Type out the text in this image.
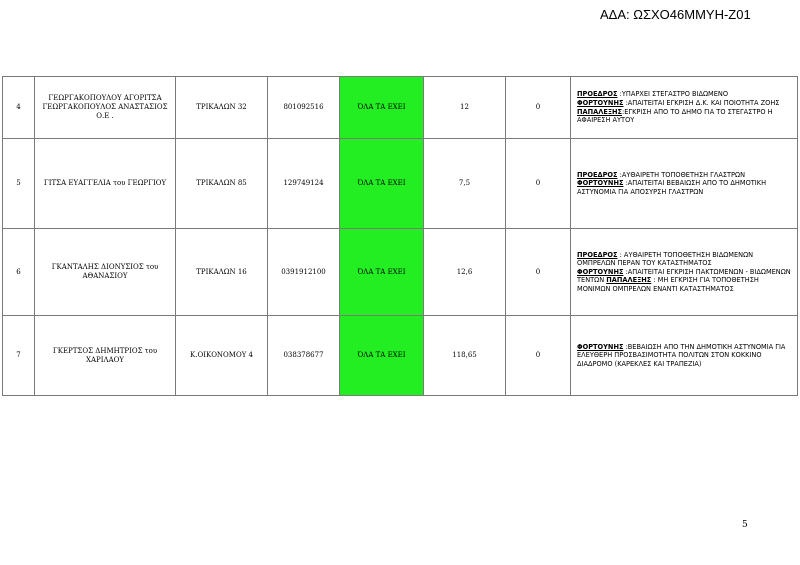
ΑΔΑ: ΩΣΧΟ46ΜΜΥΗ-Ζ01
4	ΓΕΩΡΓΑΚΟΠΟΥΛΟΥ ΑΓΟΡΙΤΣΑ ΓΕΩΡΓΑΚΟΠΟΥΛΟΣ ΑΝΑΣΤΑΣΙΟΣ Ο.Ε .	ΤΡΙΚΑΛΩΝ 32	801092516	ΌΛΑ ΤΑ ΕΧΕΙ	12	0	ΠΡΟΕΔΡΟΣ :ΥΠΑΡΧΕΙ ΣΤΕΓΑΣΤΡΟ ΒΙΔΩΜΕΝΟ
ΦΟΡΤΟΥΝΗΣ :ΑΠΑΙΤΕΙΤΑΙ ΕΓΚΡΙΣΗ Δ.Κ. ΚΑΙ ΠΟΙΟΤΗΤΑ ΖΟΗΣ ΠΑΠΑΛΕΞΗΣ:ΕΓΚΡΙΣΗ ΑΠΟ ΤΟ ΔΗΜΟ ΓΙΑ ΤΟ ΣΤΕΓΑΣΤΡΟ Η ΑΦΑΙΡΕΣΗ ΑΥΤΟΥ

5	ΓΙΤΣΑ ΕΥΑΓΓΕΛΙΑ του ΓΕΩΡΓΙΟΥ	ΤΡΙΚΑΛΩΝ 85	129749124	ΌΛΑ ΤΑ ΕΧΕΙ	7,5	0	ΠΡΟΕΔΡΟΣ :ΑΥΘΑΙΡΕΤΗ ΤΟΠΟΘΕΤΗΣΗ ΓΛΑΣΤΡΩΝ
ΦΟΡΤΟΥΝΗΣ :ΑΠΑΙΤΕΙΤΑΙ ΒΕΒΑΙΩΣΗ ΑΠΟ ΤΟ ΔΗΜΟΤΙΚΗ ΑΣΤΥΝΟΜΙΑ ΓΙΑ ΑΠΟΣΥΡΣΗ ΓΛΑΣΤΡΩΝ

6	ΓΚΑΝΤΑΛΗΣ ΔΙΟΝΥΣΙΟΣ του ΑΘΑΝΑΣΙΟΥ	ΤΡΙΚΑΛΩΝ 16	0391912100	ΌΛΑ ΤΑ ΕΧΕΙ	12,6	0	ΠΡΟΕΔΡΟΣ : ΑΥΘΑΙΡΕΤΗ ΤΟΠΟΘΕΤΗΣΗ ΒΙΔΩΜΕΝΩΝ ΟΜΠΡΕΛΩΝ ΠΕΡΑΝ ΤΟΥ ΚΑΤΑΣΤΗΜΑΤΟΣ
ΦΟΡΤΟΥΝΗΣ :ΑΠΑΙΤΕΙΤΑΙ ΕΓΚΡΙΣΗ ΠΑΚΤΩΜΕΝΩΝ - ΒΙΔΩΜΕΝΩΝ ΤΕΝΤΩΝ ΠΑΠΑΛΕΞΗΣ : ΜΗ ΕΓΚΡΙΣΗ ΓΙΑ ΤΟΠΟΘΕΤΗΣΗ ΜΟΝΙΜΩΝ ΟΜΠΡΕΛΩΝ ΕΝΑΝΤΙ ΚΑΤΑΣΤΗΜΑΤΟΣ

7	ΓΚΕΡΤΣΟΣ ΔΗΜΗΤΡΙΟΣ του ΧΑΡΙΛΑΟΥ	Κ.ΟΙΚΟΝΟΜΟΥ 4	038378677	ΌΛΑ ΤΑ ΕΧΕΙ	118,65	0	ΦΟΡΤΟΥΝΗΣ :ΒΕΒΑΙΩΣΗ ΑΠΟ ΤΗΝ ΔΗΜΟΤΙΚΗ ΑΣΤΥΝΟΜΙΑ ΓΙΑ ΕΛΕΥΘΕΡΗ ΠΡΟΣΒΑΣΙΜΟΤΗΤΑ ΠΟΛΙΤΩΝ ΣΤΟΝ ΚΟΚΚΙΝΟ ΔΙΑΔΡΟΜΟ (ΚΑΡΕΚΛΕΣ ΚΑΙ ΤΡΑΠΕΖΙΑ)
5
